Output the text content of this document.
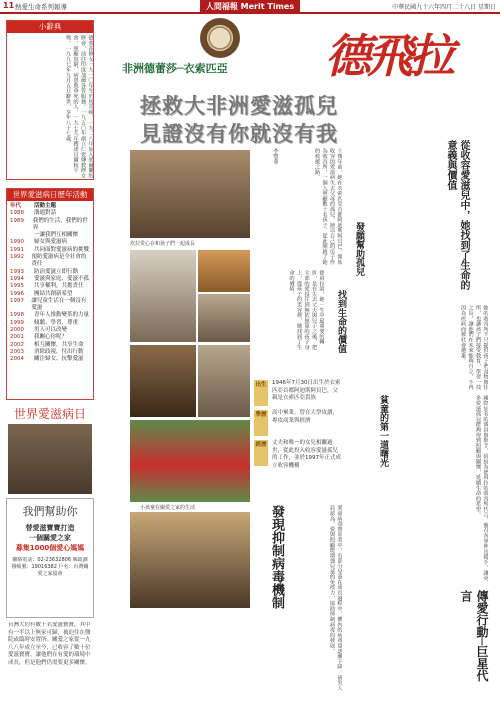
11 熱愛生命系列報導	人間福報 Merit Times	中華民國九十六年四月二十八日 星期日
小辭典
德蕾莎修女一九一〇年生於馬其頓，一九二八年加入愛爾蘭的修會，前往印度加爾各答服務。一九五〇年創立仁愛傳教修女會，照顧貧窮、病患與垂死的人。一九七九年獲諾貝爾和平獎。一九九七年九月五日辭世，享年八十七歲。
世界愛滋病日歷年活動
年代	活動主題
1988	溝通對話
1989	我們的生活，我們的世界
一讓我們互相關懷
1990	婦女與愛滋病
1991	共同面對愛滋病的挑戰
1992	預防愛滋病是全社會的責任
1993	防治愛滋立即行動
1994	愛滋與家庭、愛滋不孤
1995	共享權利，共擔責任
1996	團結共創新希望
1997	讓兒童生活在一個沒有愛滋
1998	青年人推動變革的力量
1999	傾聽、學習、尊重
2000	男人可以改變
2001	我關心你呢？
2002	相互關懷，共享生命
2003	消除歧視，付出行動
2004	關注婦女、抗擊愛滋
世界愛滋病日
我們幫助你
替愛滋寶寶打造
一個關愛之家
募集1000個愛心媽媽
聯絡電話：02-23632806 郵政劃撥帳號：19016382 戶名：台灣關愛之家協會
台灣大約有數十名愛滋寶寶，其中有一半以上無家可歸，被迫住在醫院或臨時安置所。關愛之家從一九八八年成立至今，已收容了數十位愛滋寶寶，讓他們在有愛的環境中成長，但是他們仍需要更多關懷。
非洲德蕾莎─衣索匹亞 德飛拉
拯救大非洲愛滋孤兒
見證沒有你就沒有我
坎拉愛心在和孩子們一起成長
小孩童在關愛之家的生活
李鄂華	十幾年前，她在衣索匹亞首都阿迪斯阿貝巴，開始收容因愛滋病失去父母的孤兒。她以自己的房子作為收容所，一個人照顧數十名孩子，從此開啟了她的救援之路。
發願幫助孤兒
德飛拉說，她一生中最重要的轉折，是在失去丈夫與兒子之後，把全部的愛投注到無依無靠的孩子身上，從孩子的笑容裡，她找到了生命的價值。
找到生命的價值
出生 1946年7月30日出生於衣索匹亞首都阿迪斯阿貝巴，父親是衣索匹亞貴族
學歷 高中畢業，曾在大學攻讀，專攻商業與經濟
經歷 丈夫和唯一的女兒相繼過世，從此投入收容愛滋孤兒的工作，並於1997年正式成立收容機構
發現抑制病毒機制	愛滋病毒帶原者中，有部分兒童在成長過程中，體內的病毒量逐漸下降。研究人員認為，愛與照顧能增強兒童的免疫力，協助抑制病毒的發展。
從收容愛滋兒中，她找到了生命的意義與價值
她的收容所不只提供孩子們食物與住所，也讓孩子們接受教育，學習一技之長，讓他們在未來能夠自立，不再因為疾病而被社會遺棄。
貧童的第一道曙光	國際知名的演員與歌手，紛紛為德飛拉的收容所代言，號召各界伸出援手，讓更多愛滋孤兒能夠得到照顧與關懷，延續生命的希望。
傳愛行動─巨星代言
